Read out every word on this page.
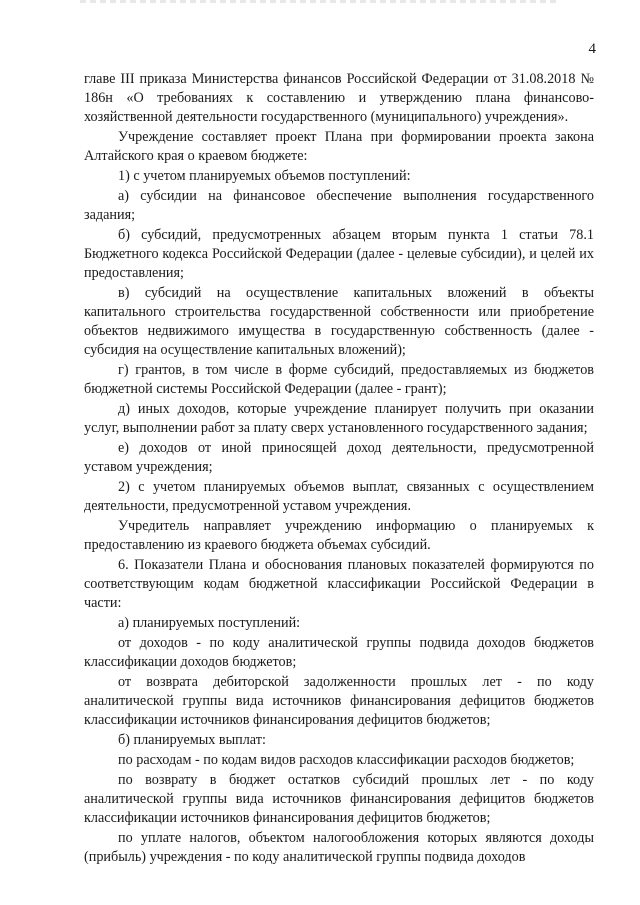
4

главе III приказа Министерства финансов Российской Федерации от 31.08.2018 № 186н «О требованиях к составлению и утверждению плана финансово-хозяйственной деятельности государственного (муниципального) учреждения».

Учреждение составляет проект Плана при формировании проекта закона Алтайского края о краевом бюджете:

1) с учетом планируемых объемов поступлений:

а) субсидии на финансовое обеспечение выполнения государственного задания;

б) субсидий, предусмотренных абзацем вторым пункта 1 статьи 78.1 Бюджетного кодекса Российской Федерации (далее - целевые субсидии), и целей их предоставления;

в) субсидий на осуществление капитальных вложений в объекты капитального строительства государственной собственности или приобретение объектов недвижимого имущества в государственную собственность (далее - субсидия на осуществление капитальных вложений);

г) грантов, в том числе в форме субсидий, предоставляемых из бюджетов бюджетной системы Российской Федерации (далее - грант);

д) иных доходов, которые учреждение планирует получить при оказании услуг, выполнении работ за плату сверх установленного государственного задания;

е) доходов от иной приносящей доход деятельности, предусмотренной уставом учреждения;

2) с учетом планируемых объемов выплат, связанных с осуществлением деятельности, предусмотренной уставом учреждения.

Учредитель направляет учреждению информацию о планируемых к предоставлению из краевого бюджета объемах субсидий.

6. Показатели Плана и обоснования плановых показателей формируются по соответствующим кодам бюджетной классификации Российской Федерации в части:

а) планируемых поступлений:

от доходов - по коду аналитической группы подвида доходов бюджетов классификации доходов бюджетов;

от возврата дебиторской задолженности прошлых лет - по коду аналитической группы вида источников финансирования дефицитов бюджетов классификации источников финансирования дефицитов бюджетов;

б) планируемых выплат:

по расходам - по кодам видов расходов классификации расходов бюджетов;

по возврату в бюджет остатков субсидий прошлых лет - по коду аналитической группы вида источников финансирования дефицитов бюджетов классификации источников финансирования дефицитов бюджетов;

по уплате налогов, объектом налогообложения которых являются доходы (прибыль) учреждения - по коду аналитической группы подвида доходов
